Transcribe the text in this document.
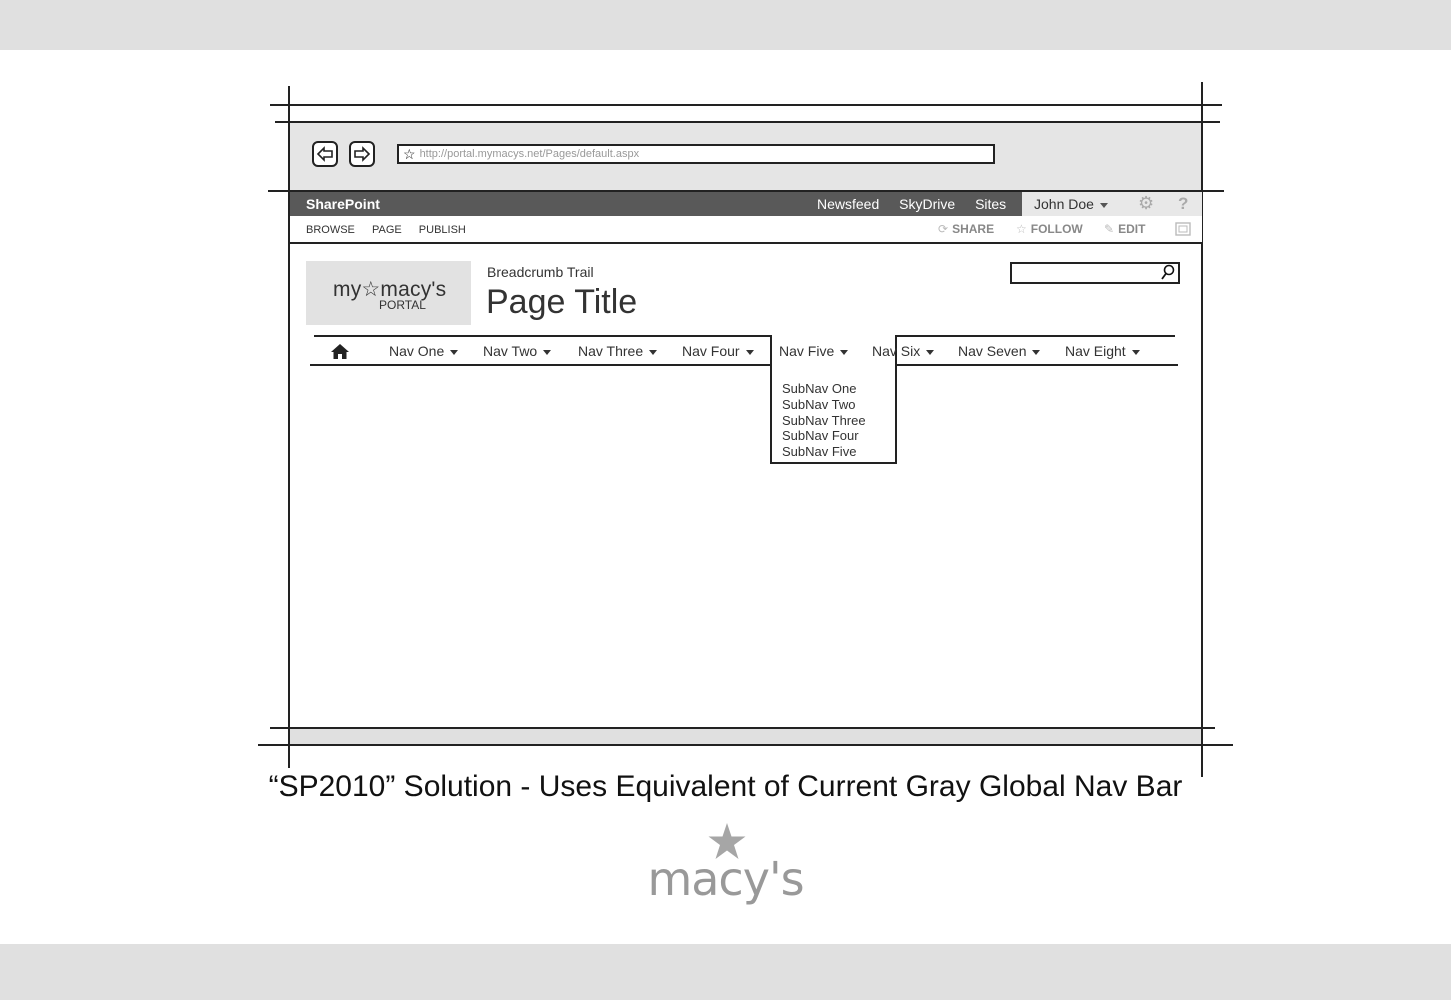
☆ http://portal.mymacys.net/Pages/default.aspx
SharePoint	Newsfeed SkyDrive Sites	John Doe	⚙ ?
BROWSE PAGE PUBLISH	⟳ SHARE ☆ FOLLOW ✎ EDIT
my☆macy's
PORTAL
Breadcrumb Trail
Page Title
SubNav One
SubNav Two
SubNav Three
SubNav Four
SubNav Five
Nav One	Nav Two	Nav Three	Nav Four	Nav Five	Nav Six	Nav Seven	Nav Eight
“SP2010” Solution - Uses Equivalent of Current Gray Global Nav Bar
macy's
